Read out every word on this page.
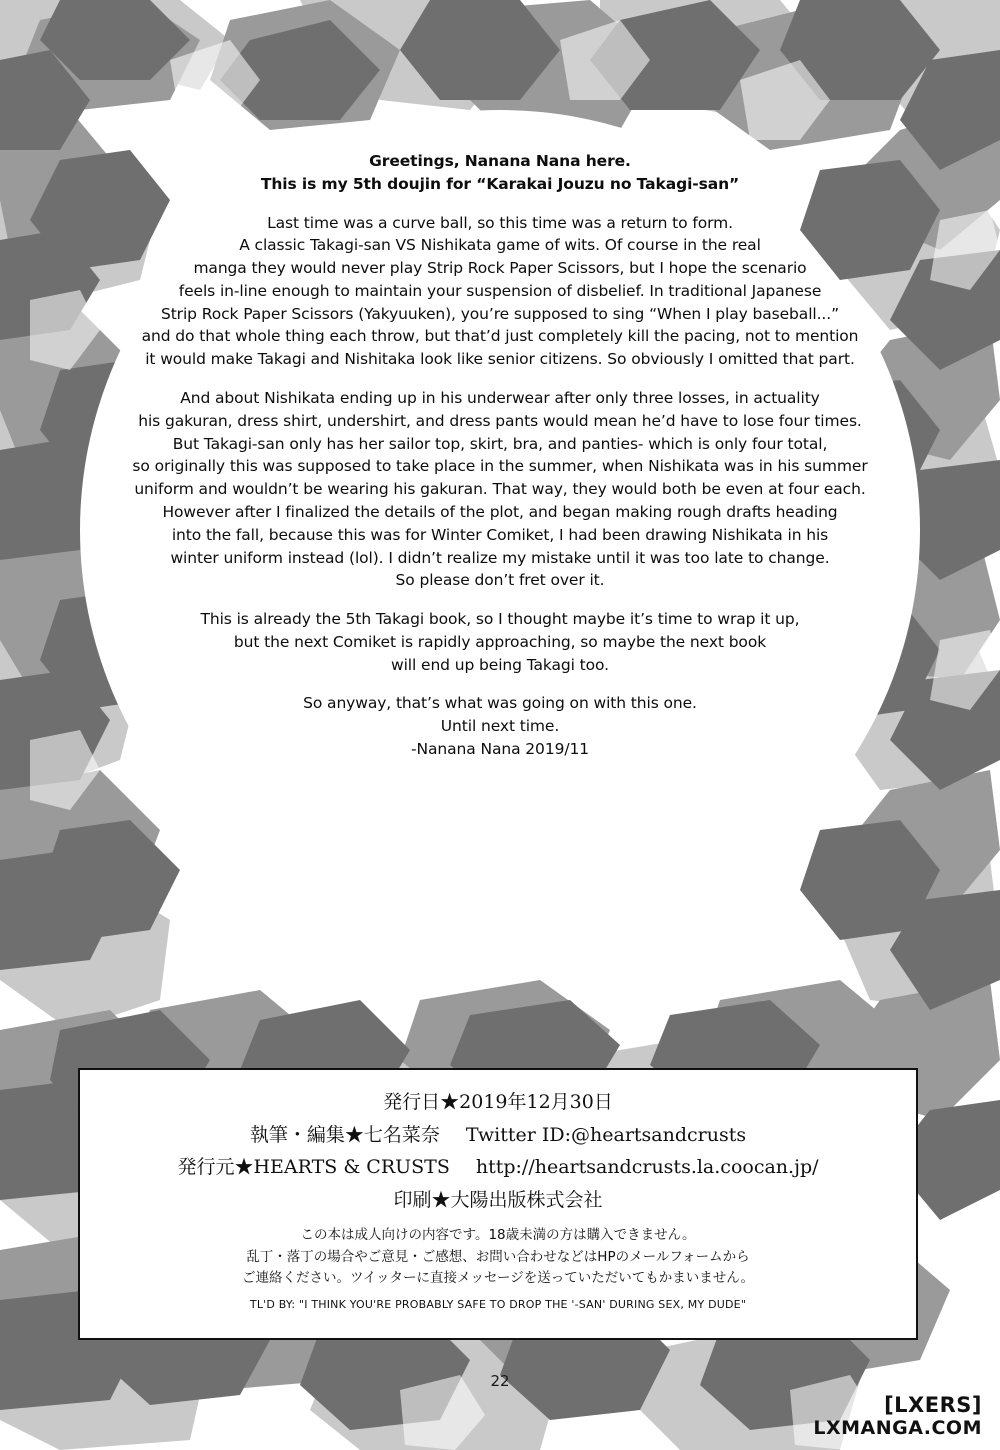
Greetings, Nanana Nana here.
This is my 5th doujin for “Karakai Jouzu no Takagi-san”
Last time was a curve ball, so this time was a return to form.
A classic Takagi-san VS Nishikata game of wits. Of course in the real
manga they would never play Strip Rock Paper Scissors, but I hope the scenario
feels in-line enough to maintain your suspension of disbelief. In traditional Japanese
Strip Rock Paper Scissors (Yakyuuken), you’re supposed to sing “When I play baseball...”
and do that whole thing each throw, but that’d just completely kill the pacing, not to mention
it would make Takagi and Nishitaka look like senior citizens. So obviously I omitted that part.
And about Nishikata ending up in his underwear after only three losses, in actuality
his gakuran, dress shirt, undershirt, and dress pants would mean he’d have to lose four times.
But Takagi-san only has her sailor top, skirt, bra, and panties- which is only four total,
so originally this was supposed to take place in the summer, when Nishikata was in his summer
uniform and wouldn’t be wearing his gakuran. That way, they would both be even at four each.
However after I finalized the details of the plot, and began making rough drafts heading
into the fall, because this was for Winter Comiket, I had been drawing Nishikata in his
winter uniform instead (lol). I didn’t realize my mistake until it was too late to change.
So please don’t fret over it.
This is already the 5th Takagi book, so I thought maybe it’s time to wrap it up,
but the next Comiket is rapidly approaching, so maybe the next book
will end up being Takagi too.
So anyway, that’s what was going on with this one.
Until next time.
-Nanana Nana 2019/11
発行日★2019年12月30日
執筆・編集★七名菜奈 Twitter ID:@heartsandcrusts
発行元★HEARTS & CRUSTS http://heartsandcrusts.la.coocan.jp/
印刷★大陽出版株式会社
この本は成人向けの内容です。18歳未満の方は購入できません。
乱丁・落丁の場合やご意見・ご感想、お問い合わせなどはHPのメールフォームから
ご連絡ください。ツイッターに直接メッセージを送っていただいてもかまいません。
TL'D BY: "I THINK YOU'RE PROBABLY SAFE TO DROP THE '-SAN' DURING SEX, MY DUDE"
22
[LXERS]
LXMANGA.COM
